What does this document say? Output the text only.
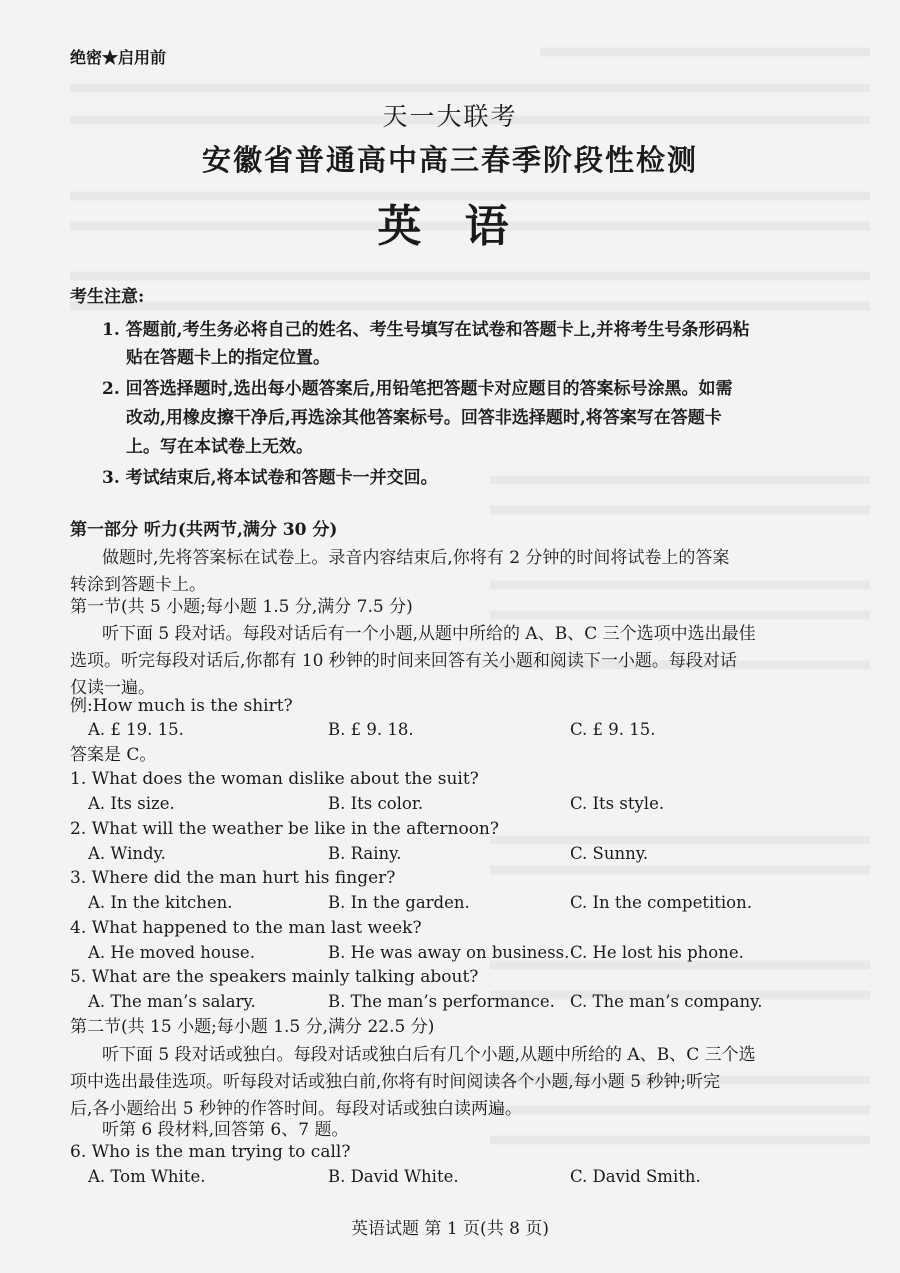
绝密★启用前
天一大联考
安徽省普通高中高三春季阶段性检测
英 语
考生注意:
1. 答题前,考生务必将自己的姓名、考生号填写在试卷和答题卡上,并将考生号条形码粘
贴在答题卡上的指定位置。
2. 回答选择题时,选出每小题答案后,用铅笔把答题卡对应题目的答案标号涂黑。如需
改动,用橡皮擦干净后,再选涂其他答案标号。回答非选择题时,将答案写在答题卡
上。写在本试卷上无效。
3. 考试结束后,将本试卷和答题卡一并交回。
第一部分 听力(共两节,满分 30 分)
做题时,先将答案标在试卷上。录音内容结束后,你将有 2 分钟的时间将试卷上的答案
转涂到答题卡上。
第一节(共 5 小题;每小题 1.5 分,满分 7.5 分)
听下面 5 段对话。每段对话后有一个小题,从题中所给的 A、B、C 三个选项中选出最佳
选项。听完每段对话后,你都有 10 秒钟的时间来回答有关小题和阅读下一小题。每段对话
仅读一遍。
例:How much is the shirt?
A. £ 19. 15.	B. £ 9. 18.	C. £ 9. 15.
答案是 C。
1. What does the woman dislike about the suit?
A. Its size.	B. Its color.	C. Its style.
2. What will the weather be like in the afternoon?
A. Windy.	B. Rainy.	C. Sunny.
3. Where did the man hurt his finger?
A. In the kitchen.	B. In the garden.	C. In the competition.
4. What happened to the man last week?
A. He moved house.	B. He was away on business. C. He lost his phone.
5. What are the speakers mainly talking about?
A. The man’s salary.	B. The man’s performance. C. The man’s company.
第二节(共 15 小题;每小题 1.5 分,满分 22.5 分)
听下面 5 段对话或独白。每段对话或独白后有几个小题,从题中所给的 A、B、C 三个选
项中选出最佳选项。听每段对话或独白前,你将有时间阅读各个小题,每小题 5 秒钟;听完
后,各小题给出 5 秒钟的作答时间。每段对话或独白读两遍。
听第 6 段材料,回答第 6、7 题。
6. Who is the man trying to call?
A. Tom White.	B. David White.	C. David Smith.
英语试题 第 1 页(共 8 页)
